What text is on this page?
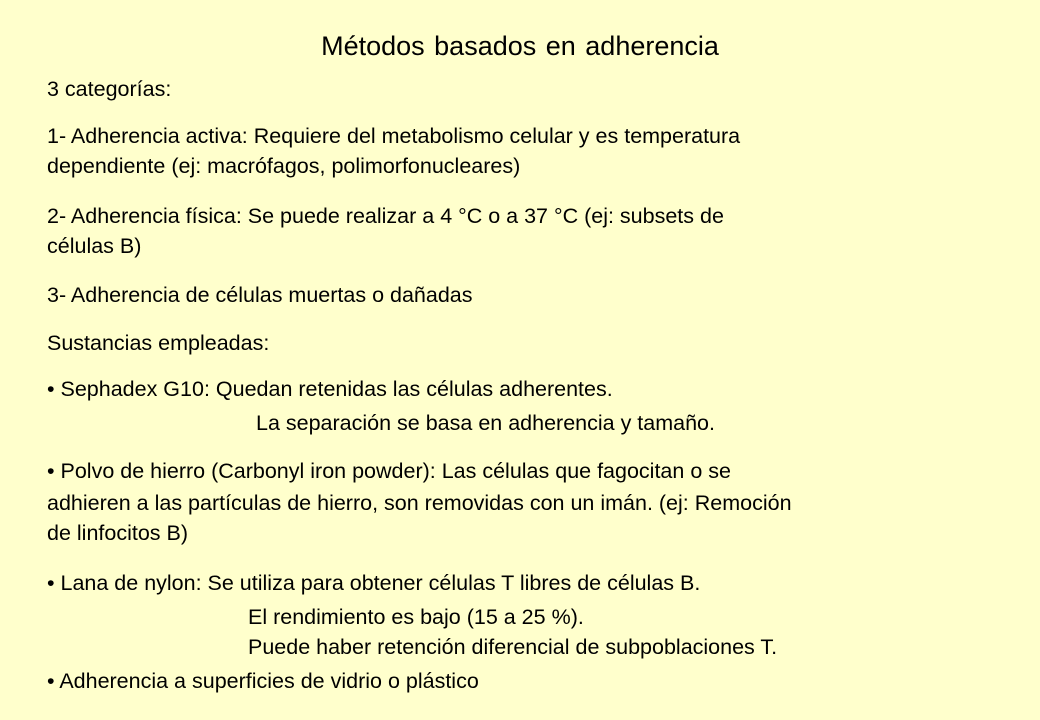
Métodos basados en adherencia
3 categorías:
1- Adherencia activa: Requiere del metabolismo celular y es temperatura
dependiente (ej: macrófagos, polimorfonucleares)
2- Adherencia física: Se puede realizar a 4 °C o a 37 °C (ej: subsets de
células B)
3- Adherencia de células muertas o dañadas
Sustancias empleadas:
• Sephadex G10: Quedan retenidas las células adherentes.
La separación se basa en adherencia y tamaño.
• Polvo de hierro (Carbonyl iron powder): Las células que fagocitan o se
adhieren a las partículas de hierro, son removidas con un imán. (ej: Remoción
de linfocitos B)
• Lana de nylon: Se utiliza para obtener células T libres de células B.
El rendimiento es bajo (15 a 25 %).
Puede haber retención diferencial de subpoblaciones T.
• Adherencia a superficies de vidrio o plástico
